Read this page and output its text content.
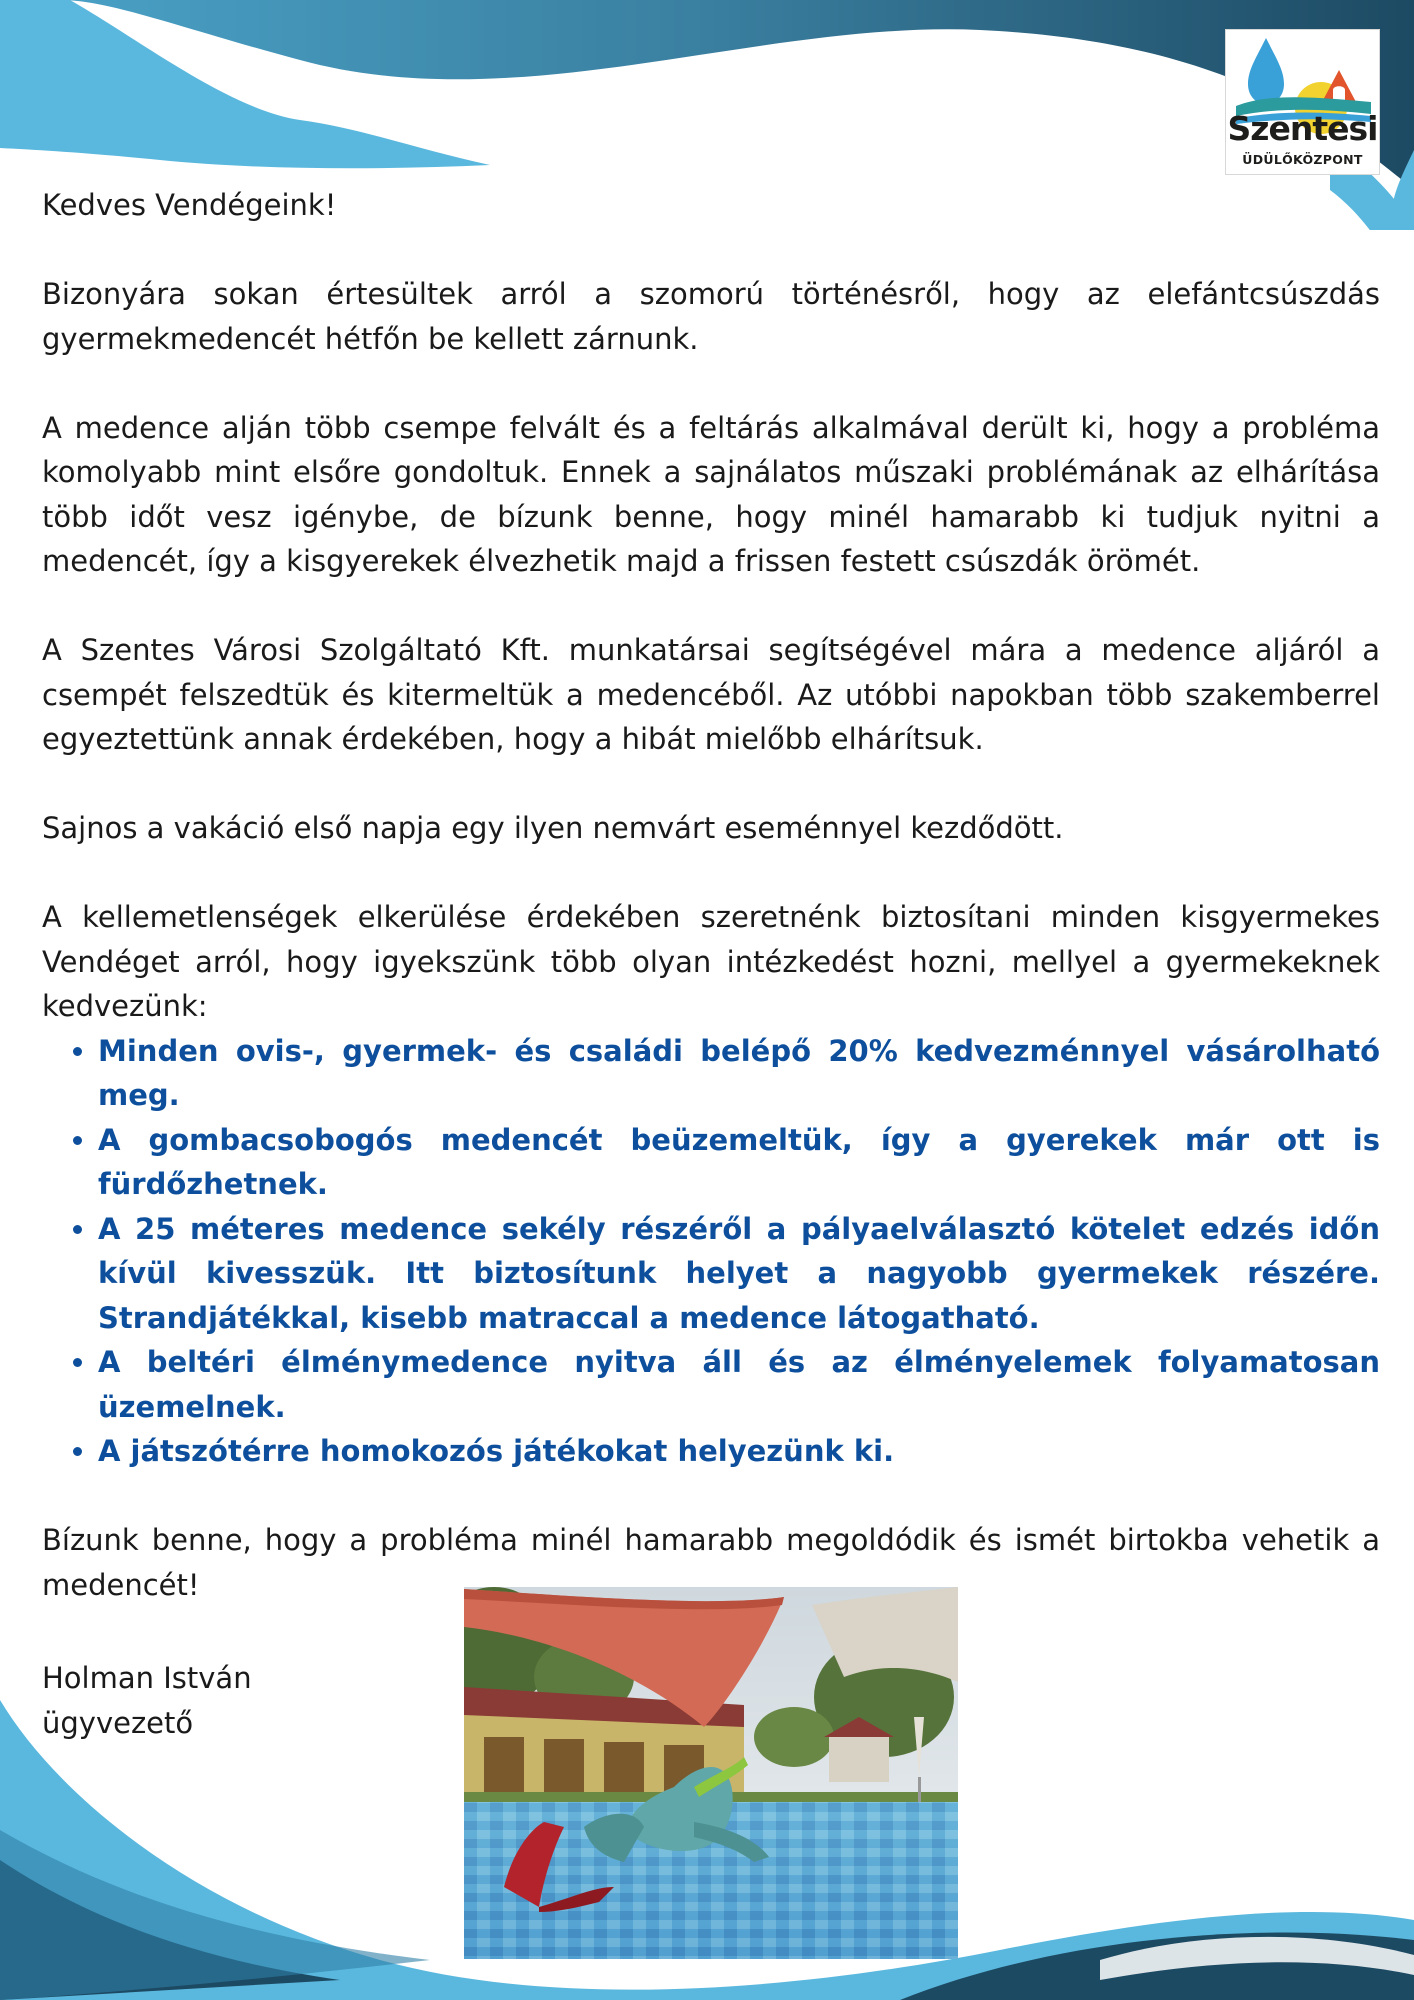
Szentesi
ÜDÜLŐKÖZPONT

Kedves Vendégeink!

Bizonyára sokan értesültek arról a szomorú történésről, hogy az elefántcsúszdás gyermekmedencét hétfőn be kellett zárnunk.

A medence alján több csempe felvált és a feltárás alkalmával derült ki, hogy a probléma komolyabb mint elsőre gondoltuk. Ennek a sajnálatos műszaki problémának az elhárítása több időt vesz igénybe, de bízunk benne, hogy minél hamarabb ki tudjuk nyitni a medencét, így a kisgyerekek élvezhetik majd a frissen festett csúszdák örömét.

A Szentes Városi Szolgáltató Kft. munkatársai segítségével mára a medence aljáról a csempét felszedtük és kitermeltük a medencéből. Az utóbbi napokban több szakemberrel egyeztettünk annak érdekében, hogy a hibát mielőbb elhárítsuk.

Sajnos a vakáció első napja egy ilyen nemvárt eseménnyel kezdődött.

A kellemetlenségek elkerülése érdekében szeretnénk biztosítani minden kisgyermekes Vendéget arról, hogy igyekszünk több olyan intézkedést hozni, mellyel a gyermekeknek kedvezünk:

• Minden ovis-, gyermek- és családi belépő 20% kedvezménnyel vásárolható meg.
• A gombacsobogós medencét beüzemeltük, így a gyerekek már ott is fürdőzhetnek.
• A 25 méteres medence sekély részéről a pályaelválasztó kötelet edzés időn kívül kivesszük. Itt biztosítunk helyet a nagyobb gyermekek részére. Strandjátékkal, kisebb matraccal a medence látogatható.
• A beltéri élménymedence nyitva áll és az élményelemek folyamatosan üzemelnek.
• A játszótérre homokozós játékokat helyezünk ki.

Bízunk benne, hogy a probléma minél hamarabb megoldódik és ismét birtokba vehetik a medencét!

Holman István
ügyvezető
